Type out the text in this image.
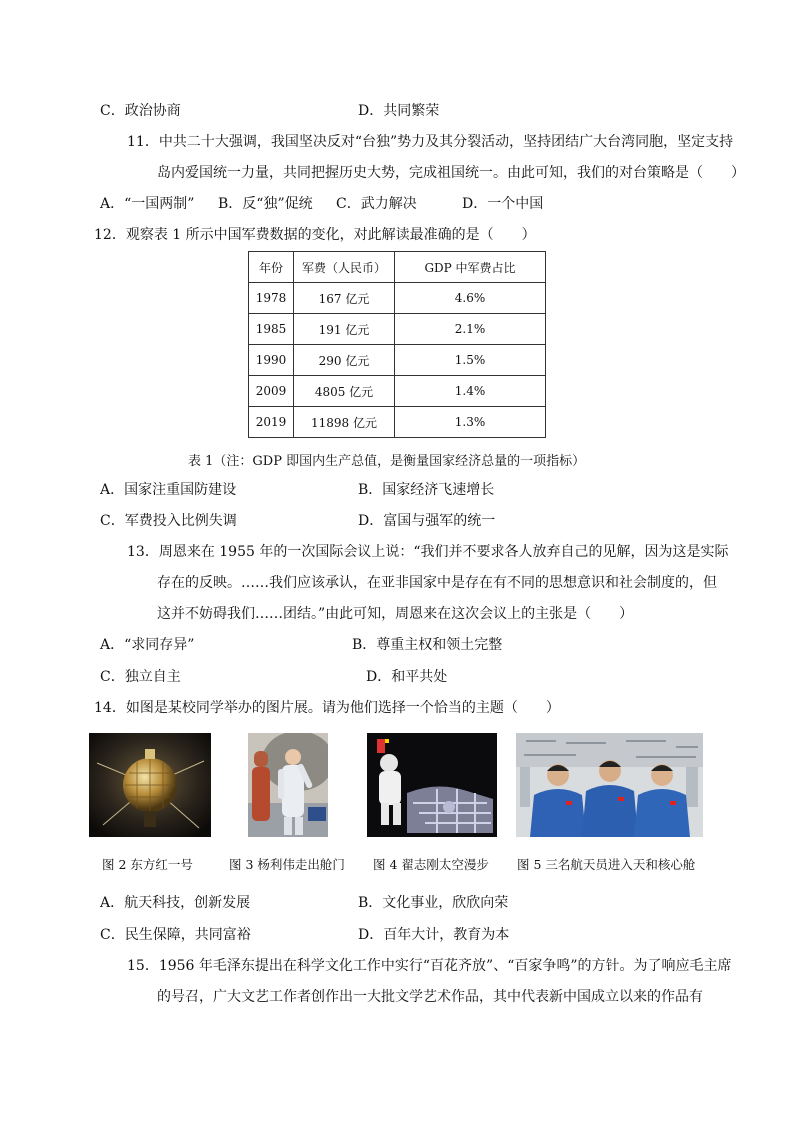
C．政治协商	D．共同繁荣
11．中共二十大强调，我国坚决反对“台独”势力及其分裂活动，坚持团结广大台湾同胞，坚定支持
岛内爱国统一力量，共同把握历史大势，完成祖国统一。由此可知，我们的对台策略是（　　）
A．“一国两制” B．反“独”促统 C．武力解决	D．一个中国
12．观察表 1 所示中国军费数据的变化，对此解读最准确的是（　　）
年份	军费（人民币）	GDP 中军费占比
1978	167 亿元	4.6%
1985	191 亿元	2.1%
1990	290 亿元	1.5%
2009	4805 亿元	1.4%
2019	11898 亿元	1.3%
表 1（注：GDP 即国内生产总值，是衡量国家经济总量的一项指标）
A．国家注重国防建设	B．国家经济飞速增长
C．军费投入比例失调	D．富国与强军的统一
13．周恩来在 1955 年的一次国际会议上说：“我们并不要求各人放弃自己的见解，因为这是实际
存在的反映。……我们应该承认，在亚非国家中是存在有不同的思想意识和社会制度的，但
这并不妨碍我们……团结。”由此可知，周恩来在这次会议上的主张是（　　）
A．“求同存异”	B．尊重主权和领土完整
C．独立自主	D．和平共处
14．如图是某校同学举办的图片展。请为他们选择一个恰当的主题（　　）
图 2 东方红一号	图 3 杨利伟走出舱门 图 4 翟志刚太空漫步 图 5 三名航天员进入天和核心舱
A．航天科技，创新发展	B．文化事业，欣欣向荣
C．民生保障，共同富裕	D．百年大计，教育为本
15．1956 年毛泽东提出在科学文化工作中实行“百花齐放”、“百家争鸣”的方针。为了响应毛主席
的号召，广大文艺工作者创作出一大批文学艺术作品，其中代表新中国成立以来的作品有
